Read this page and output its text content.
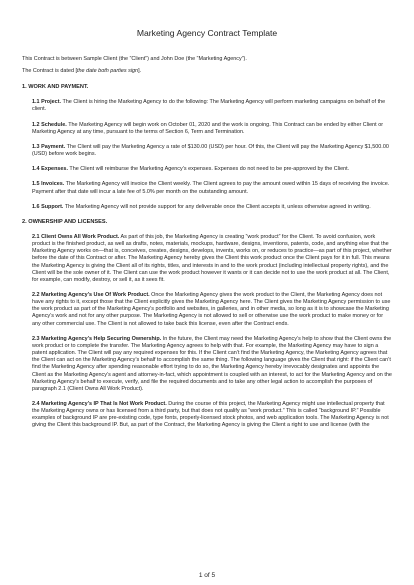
Marketing Agency Contract Template
This Contract is between Sample Client (the “Client”) and John Doe (the “Marketing Agency”).
The Contract is dated [the date both parties sign].
1. WORK AND PAYMENT.
1.1 Project. The Client is hiring the Marketing Agency to do the following: The Marketing Agency will perform marketing campaigns on behalf of the client.
1.2 Schedule. The Marketing Agency will begin work on October 01, 2020 and the work is ongoing. This Contract can be ended by either Client or Marketing Agency at any time, pursuant to the terms of Section 6, Term and Termination.
1.3 Payment. The Client will pay the Marketing Agency a rate of $130.00 (USD) per hour. Of this, the Client will pay the Marketing Agency $1,500.00 (USD) before work begins.
1.4 Expenses. The Client will reimburse the Marketing Agency’s expenses. Expenses do not need to be pre-approved by the Client.
1.5 Invoices. The Marketing Agency will invoice the Client weekly. The Client agrees to pay the amount owed within 15 days of receiving the invoice. Payment after that date will incur a late fee of 5.0% per month on the outstanding amount.
1.6 Support. The Marketing Agency will not provide support for any deliverable once the Client accepts it, unless otherwise agreed in writing.
2. OWNERSHIP AND LICENSES.
2.1 Client Owns All Work Product. As part of this job, the Marketing Agency is creating “work product” for the Client. To avoid confusion, work product is the finished product, as well as drafts, notes, materials, mockups, hardware, designs, inventions, patents, code, and anything else that the Marketing Agency works on—that is, conceives, creates, designs, develops, invents, works on, or reduces to practice—as part of this project, whether before the date of this Contract or after. The Marketing Agency hereby gives the Client this work product once the Client pays for it in full. This means the Marketing Agency is giving the Client all of its rights, titles, and interests in and to the work product (including intellectual property rights), and the Client will be the sole owner of it. The Client can use the work product however it wants or it can decide not to use the work product at all. The Client, for example, can modify, destroy, or sell it, as it sees fit.
2.2 Marketing Agency’s Use Of Work Product. Once the Marketing Agency gives the work product to the Client, the Marketing Agency does not have any rights to it, except those that the Client explicitly gives the Marketing Agency here. The Client gives the Marketing Agency permission to use the work product as part of the Marketing Agency’s portfolio and websites, in galleries, and in other media, so long as it is to showcase the Marketing Agency’s work and not for any other purpose. The Marketing Agency is not allowed to sell or otherwise use the work product to make money or for any other commercial use. The Client is not allowed to take back this license, even after the Contract ends.
2.3 Marketing Agency’s Help Securing Ownership. In the future, the Client may need the Marketing Agency’s help to show that the Client owns the work product or to complete the transfer. The Marketing Agency agrees to help with that. For example, the Marketing Agency may have to sign a patent application. The Client will pay any required expenses for this. If the Client can’t find the Marketing Agency, the Marketing Agency agrees that the Client can act on the Marketing Agency’s behalf to accomplish the same thing. The following language gives the Client that right: if the Client can’t find the Marketing Agency after spending reasonable effort trying to do so, the Marketing Agency hereby irrevocably designates and appoints the Client as the Marketing Agency’s agent and attorney-in-fact, which appointment is coupled with an interest, to act for the Marketing Agency and on the Marketing Agency’s behalf to execute, verify, and file the required documents and to take any other legal action to accomplish the purposes of paragraph 2.1 (Client Owns All Work Product).
2.4 Marketing Agency’s IP That Is Not Work Product. During the course of this project, the Marketing Agency might use intellectual property that the Marketing Agency owns or has licensed from a third party, but that does not qualify as “work product.” This is called “background IP.” Possible examples of background IP are pre-existing code, type fonts, properly-licensed stock photos, and web application tools. The Marketing Agency is not giving the Client this background IP. But, as part of the Contract, the Marketing Agency is giving the Client a right to use and license (with the
1 of 5
